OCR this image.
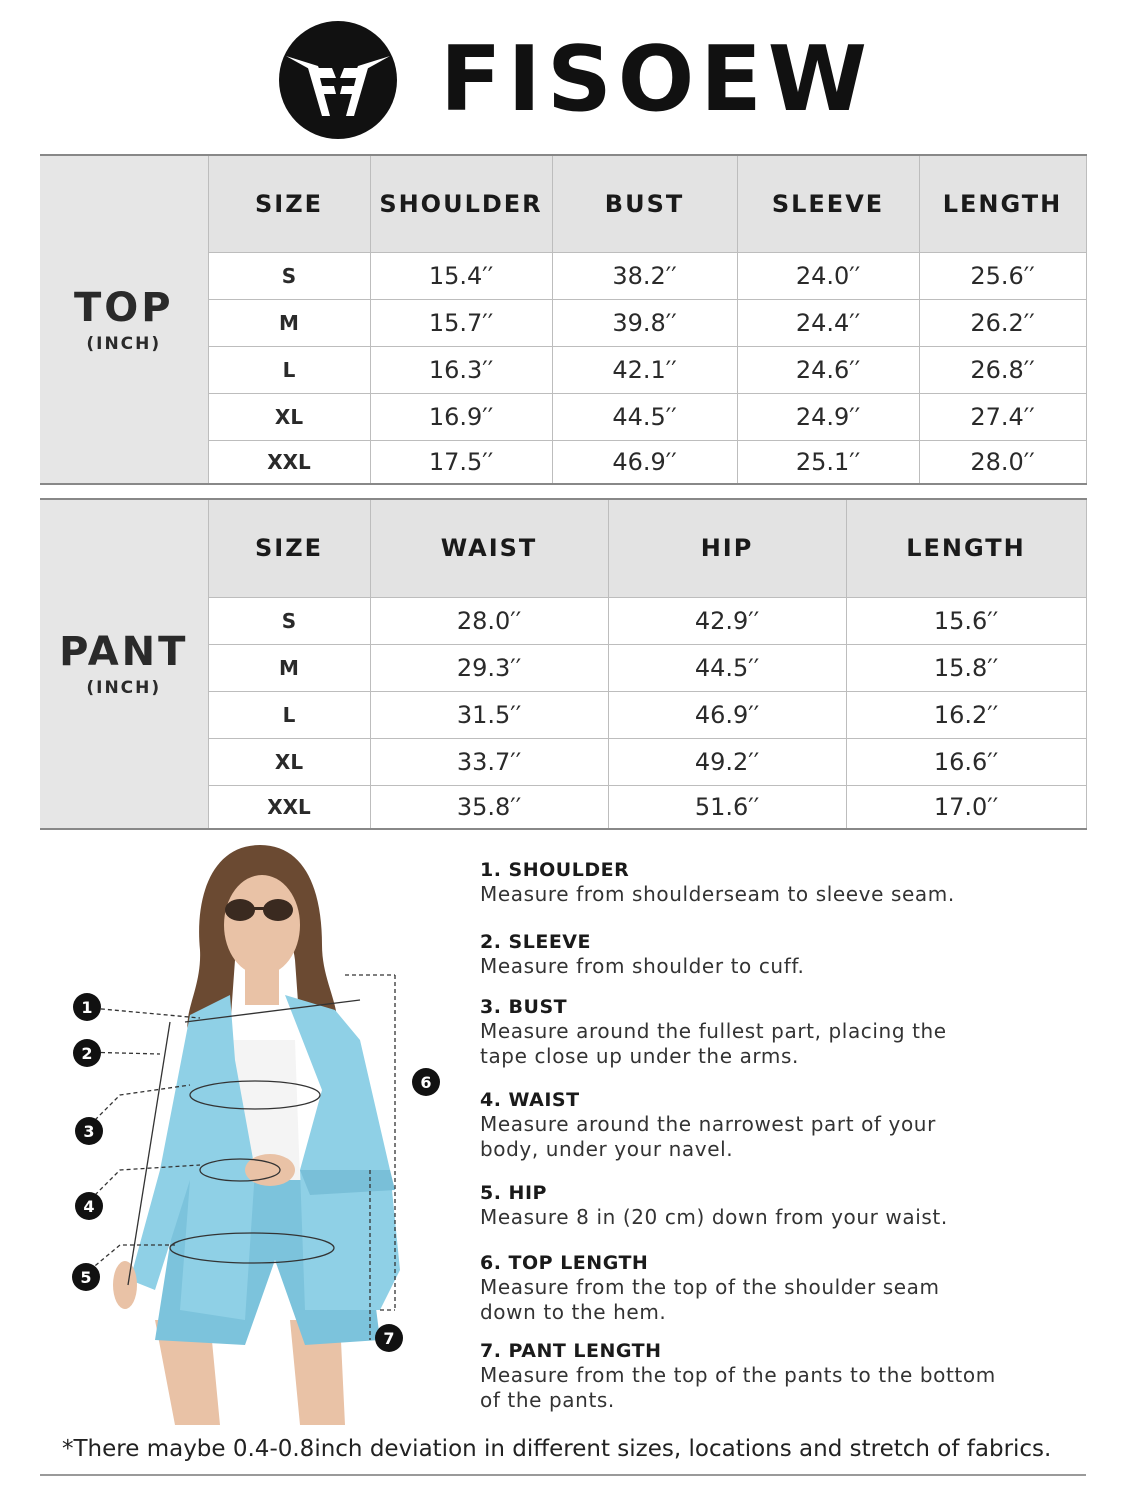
FISOEW
TOP
(INCH)	SIZE	SHOULDER	BUST	SLEEVE	LENGTH
	S	15.4′′	38.2′′	24.0′′	25.6′′
	M	15.7′′	39.8′′	24.4′′	26.2′′
	L	16.3′′	42.1′′	24.6′′	26.8′′
	XL	16.9′′	44.5′′	24.9′′	27.4′′
	XXL	17.5′′	46.9′′	25.1′′	28.0′′
PANT
(INCH)	SIZE	WAIST	HIP	LENGTH
	S	28.0′′	42.9′′	15.6′′
	M	29.3′′	44.5′′	15.8′′
	L	31.5′′	46.9′′	16.2′′
	XL	33.7′′	49.2′′	16.6′′
	XXL	35.8′′	51.6′′	17.0′′
1
2
3
4
5
6
7
1. SHOULDER
Measure from shoulderseam to sleeve seam.
2. SLEEVE
Measure from shoulder to cuff.
3. BUST
Measure around the fullest part, placing the tape close up under the arms.
4. WAIST
Measure around the narrowest part of your body, under your navel.
5. HIP
Measure 8 in (20 cm) down from your waist.
6. TOP LENGTH
Measure from the top of the shoulder seam down to the hem.
7. PANT LENGTH
Measure from the top of the pants to the bottom of the pants.
*There maybe 0.4-0.8inch deviation in different sizes, locations and stretch of fabrics.
